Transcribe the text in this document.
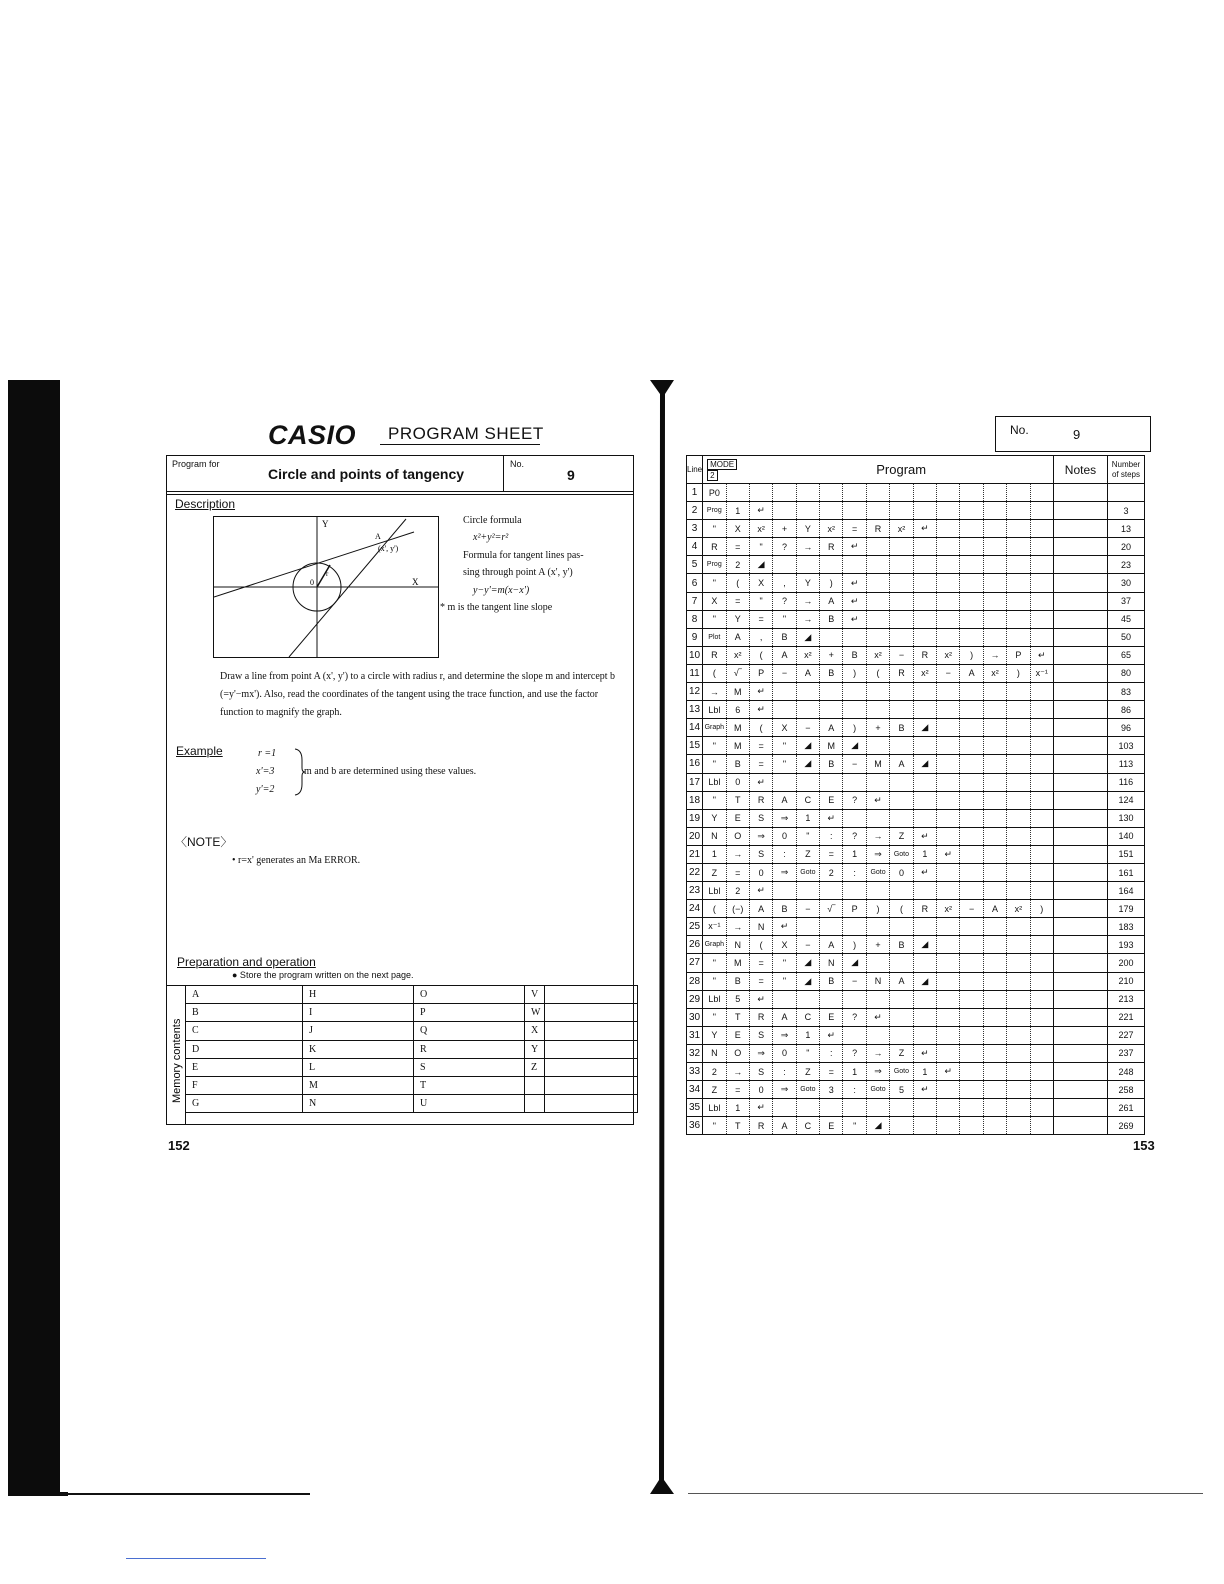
CASIO PROGRAM SHEET
Program for
Circle and points of tangency
No.
9
Description
Y
X
0
A
(x', y')
r
Circle formula
x²+y²=r²
Formula for tangent lines pas-
sing through point A (x', y')
y−y'=m(x−x')
* m is the tangent line slope
Draw a line from point A (x', y') to a circle with radius r, and determine the slope m and intercept b (=y'−mx'). Also, read the coordinates of the tangent using the trace function, and use the factor function to magnify the graph.
Example	r =1
x'=3
y'=2
m and b are determined using these values.
〈NOTE〉
• r=x' generates an Ma ERROR.
Preparation and operation
● Store the program written on the next page.
Memory contents
A	H	O	V	
B	I	P	W	
C	J	Q	X	
D	K	R	Y	
E	L	S	Z	
F	M	T		
G	N	U		
152
No.	9
Line	MODE2		Program													Notes	Number of steps
1	P0																
2	Prog	1	↵														3
3	"	X	x²	+	Y	x²	=	R	x²	↵							13
4	R	=	"	?	→	R	↵										20
5	Prog	2	◢														23
6	"	(	X	,	Y	)	↵										30
7	X	=	"	?	→	A	↵										37
8	"	Y	=	"	→	B	↵										45
9	Plot	A	,	B	◢												50
10	R	x²	(	A	x²	+	B	x²	−	R	x²	)	→	P	↵		65
11	(	√‾	P	−	A	B	)	(	R	x²	−	A	x²	)	x⁻¹		80
12	→	M	↵														83
13	Lbl	6	↵														86
14	Graph	M	(	X	−	A	)	+	B	◢							96
15	"	M	=	"	◢	M	◢										103
16	"	B	=	"	◢	B	−	M	A	◢							113
17	Lbl	0	↵														116
18	"	T	R	A	C	E	?	↵									124
19	Y	E	S	⇒	1	↵											130
20	N	O	⇒	0	"	:	?	→	Z	↵							140
21	1	→	S	:	Z	=	1	⇒	Goto	1	↵						151
22	Z	=	0	⇒	Goto	2	:	Goto	0	↵							161
23	Lbl	2	↵														164
24	(	(−)	A	B	−	√‾	P	)	(	R	x²	−	A	x²	)		179
25	x⁻¹	→	N	↵													183
26	Graph	N	(	X	−	A	)	+	B	◢							193
27	"	M	=	"	◢	N	◢										200
28	"	B	=	"	◢	B	−	N	A	◢							210
29	Lbl	5	↵														213
30	"	T	R	A	C	E	?	↵									221
31	Y	E	S	⇒	1	↵											227
32	N	O	⇒	0	"	:	?	→	Z	↵							237
33	2	→	S	:	Z	=	1	⇒	Goto	1	↵						248
34	Z	=	0	⇒	Goto	3	:	Goto	5	↵							258
35	Lbl	1	↵														261
36	"	T	R	A	C	E	"	◢									269
153
